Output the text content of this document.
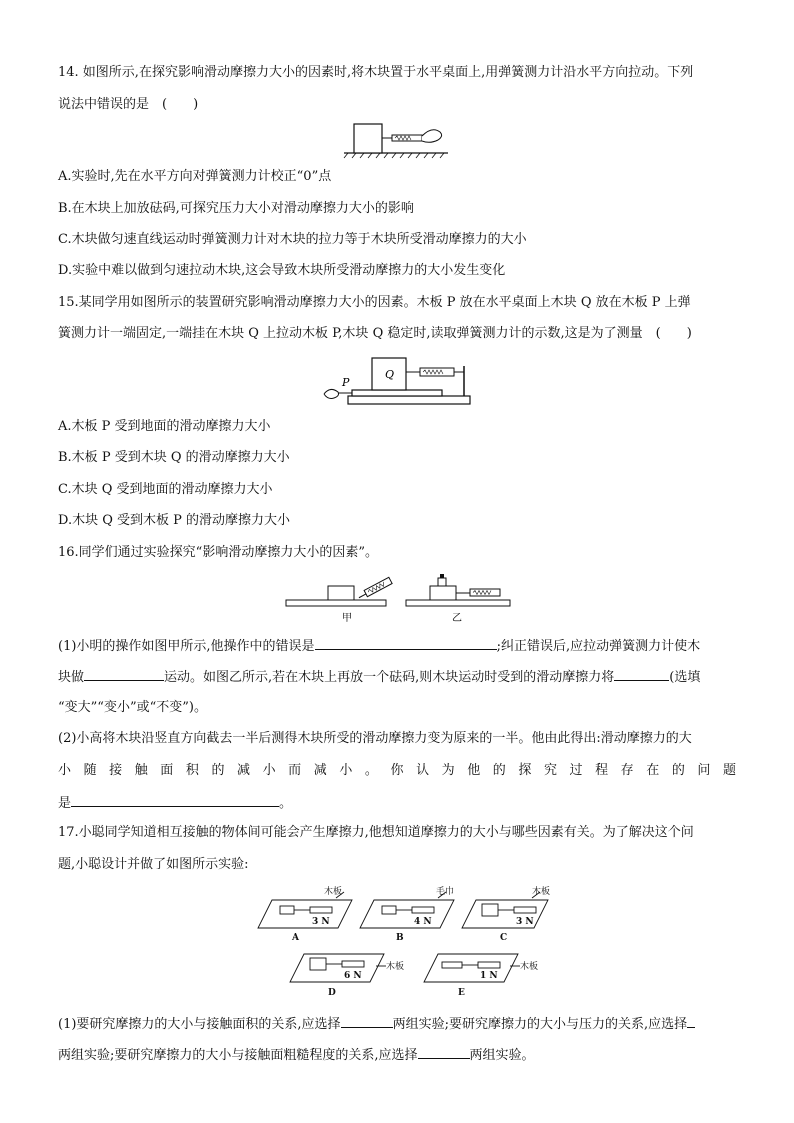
14. 如图所示,在探究影响滑动摩擦力大小的因素时,将木块置于水平桌面上,用弹簧测力计沿水平方向拉动。下列
说法中错误的是　(　　)
A.实验时,先在水平方向对弹簧测力计校正“0”点
B.在木块上加放砝码,可探究压力大小对滑动摩擦力大小的影响
C.木块做匀速直线运动时弹簧测力计对木块的拉力等于木块所受滑动摩擦力的大小
D.实验中难以做到匀速拉动木块,这会导致木块所受滑动摩擦力的大小发生变化
15.某同学用如图所示的装置研究影响滑动摩擦力大小的因素。木板 P 放在水平桌面上木块 Q 放在木板 P 上弹
簧测力计一端固定,一端挂在木块 Q 上拉动木板 P,木块 Q 稳定时,读取弹簧测力计的示数,这是为了测量　(　　)
Q
P
A.木板 P 受到地面的滑动摩擦力大小
B.木板 P 受到木块 Q 的滑动摩擦力大小
C.木块 Q 受到地面的滑动摩擦力大小
D.木块 Q 受到木板 P 的滑动摩擦力大小
16.同学们通过实验探究“影响滑动摩擦力大小的因素”。
甲	乙
(1)小明的操作如图甲所示,他操作中的错误是	;纠正错误后,应拉动弹簧测力计使木
块做	运动。如图乙所示,若在木块上再放一个砝码,则木块运动时受到的滑动摩擦力将	(选填
“变大”“变小”或“不变”)。
(2)小高将木块沿竖直方向截去一半后测得木块所受的滑动摩擦力变为原来的一半。他由此得出:滑动摩擦力的大
小随接触面积的减小而减小。你认为他的探究过程存在的问题
是	。
17.小聪同学知道相互接触的物体间可能会产生摩擦力,他想知道摩擦力的大小与哪些因素有关。为了解决这个问
题,小聪设计并做了如图所示实验:
木板	毛巾	木板
木板	木板
3 N	4 N	3 N
6 N	1 N
A	B	C
D	E
(1)要研究摩擦力的大小与接触面积的关系,应选择	两组实验;要研究摩擦力的大小与压力的关系,应选择
两组实验;要研究摩擦力的大小与接触面粗糙程度的关系,应选择	两组实验。
